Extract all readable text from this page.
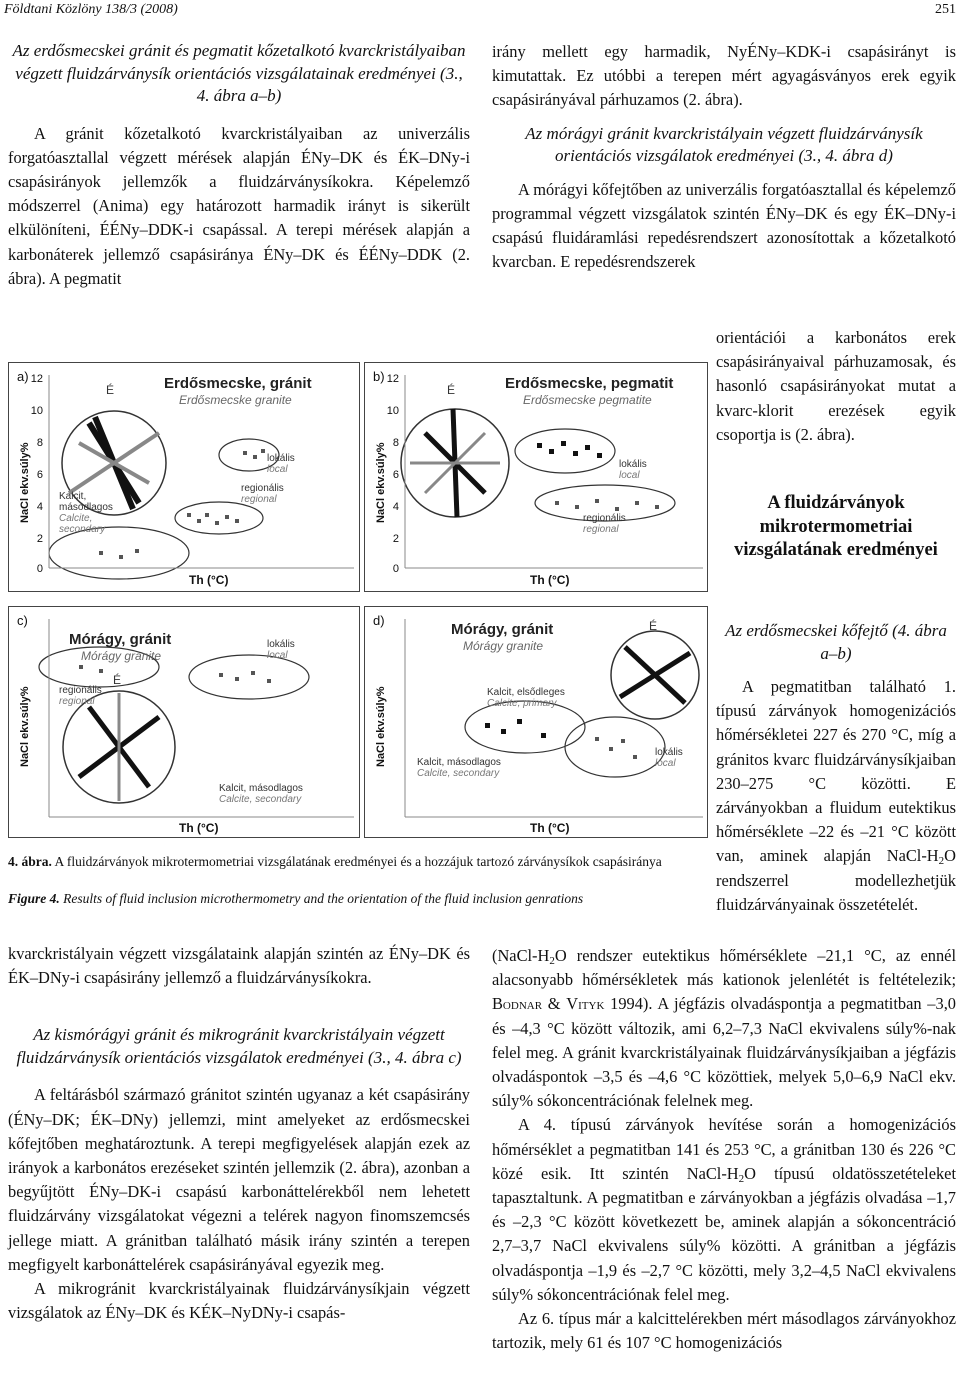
Földtani Közlöny 138/3 (2008)	251

Az erdősmecskei gránit és pegmatit kőzetalkotó kvarckristályaiban végzett fluidzárványsík orientációs vizsgálatainak eredményei (3., 4. ábra a–b)

A gránit kőzetalkotó kvarckristályaiban az univerzális forgatóasztallal végzett mérések alapján ÉNy–DK és ÉK–DNy-i csapásirányok jellemzők a fluidzárványsíkokra. Képelemző módszerrel (Anima) egy határozott harmadik irányt is sikerült elkülöníteni, ÉÉNy–DDK-i csapással. A terepi mérések alapján a karbonáterek jellemző csapásiránya ÉNy–DK és ÉÉNy–DDK (2. ábra). A pegmatit

irány mellett egy harmadik, NyÉNy–KDK-i csapásirányt is kimutattak. Ez utóbbi a terepen mért agyagásványos erek egyik csapásirányával párhuzamos (2. ábra).

Az mórágyi gránit kvarckristályain végzett fluidzárványsík orientációs vizsgálatok eredményei (3., 4. ábra d)

A mórágyi kőfejtőben az univerzális forgatóasztallal és képelemző programmal végzett vizsgálatok szintén ÉNy–DK és egy ÉK–DNy-i csapású fluidáramlási repedésrendszert azonosítottak a kőzetalkotó kvarcban. E repedésrendszerek

orientációi a karbonátos erek csapásirányaival párhuzamosak, és hasonló csapásirányokat mutat a kvarc-klorit erezések egyik csoportja is (2. ábra).

A fluidzárványok mikrotermometriai vizsgálatának eredményei

Az erdősmecskei kőfejtő (4. ábra a–b)

A pegmatitban található 1. típusú zárványok homogenizációs hőmérsékletei 227 és 270 °C, míg a gránitos kvarc fluidzárványsíkjaiban 230–275 °C közötti. E zárványokban a fluidum eutektikus hőmérséklete –22 és –21 °C között van, aminek alapján NaCl-$H_2O$ rendszerrel modellezhetjük fluidzárványainak összetételét.

a)	Erdősmecske, gránit
Erdősmecske granite
É
NaCl ekv.súly%
Th (°C)
12
10
8
6
4
2
0
lokális
local
regionális
regional
Kalcit, másodlagos
Calcite, secondary
b)	Erdősmecske, pegmatit
Erdősmecske pegmatite
É
NaCl ekv.súly%
Th (°C)
12
10
8
6
4
2
0
lokális
local
regionális
regional
c)
Mórágy, gránit
Mórágy granite
É
NaCl ekv.súly%
Th (°C)
lokális
local
regionális
regional
Kalcit, másodlagos
Calcite, secondary
d)
Mórágy, gránit
Mórágy granite
É
NaCl ekv.súly%
Th (°C)
Kalcit, elsődleges
Calcite, primary
Kalcit, másodlagos
Calcite, secondary
lokális
local
4. ábra. A fluidzárványok mikrotermometriai vizsgálatának eredményei és a hozzájuk tartozó zárványsíkok csapásiránya
Figure 4. Results of fluid inclusion microthermometry and the orientation of the fluid inclusion genrations

kvarckristályain végzett vizsgálataink alapján szintén az ÉNy–DK és ÉK–DNy-i csapásirány jellemző a fluidzárványsíkokra.

Az kismórágyi gránit és mikrogránit kvarckristályain végzett fluidzárványsík orientációs vizsgálatok eredményei (3., 4. ábra c)

A feltárásból származó gránitot szintén ugyanaz a két csapásirány (ÉNy–DK; ÉK–DNy) jellemzi, mint amelyeket az erdősmecskei kőfejtőben meghatároztunk. A terepi megfigyelések alapján ezek az irányok a karbonátos erezéseket szintén jellemzik (2. ábra), azonban a begyűjtött ÉNy–DK-i csapású karbonáttelérekből nem lehetett fluidzárvány vizsgálatokat végezni a telérek nagyon finomszemcsés jellege miatt. A gránitban található másik irány szintén a terepen megfigyelt karbonáttelérek csapásirányával egyezik meg.

A mikrogránit kvarckristályainak fluidzárványsíkjain végzett vizsgálatok az ÉNy–DK és KÉK–NyDNy-i csapás-

($NaCl-H_2O$ rendszer eutektikus hőmérséklete –21,1 °C, az ennél alacsonyabb hőmérsékletek más kationok jelenlétét is feltételezik; Bodnar & Vityk 1994). A jégfázis olvadáspontja a pegmatitban –3,0 és –4,3 °C között változik, ami 6,2–7,3 NaCl ekvivalens súly%-nak felel meg. A gránit kvarckristályainak fluidzárványsíkjaiban a jégfázis olvadáspontok –3,5 és –4,6 °C közöttiek, melyek 5,0–6,9 NaCl ekv. súly% sókoncentrációnak felelnek meg.

A 4. típusú zárványok hevítése során a homogenizációs hőmérséklet a pegmatitban 141 és 253 °C, a gránitban 130 és 226 °C közé esik. Itt szintén NaCl-$H_2O$ típusú oldatösszetételeket tapasztaltunk. A pegmatitban e zárványokban a jégfázis olvadása –1,7 és –2,3 °C között következett be, aminek alapján a sókoncentráció 2,7–3,7 NaCl ekvivalens súly% közötti. A gránitban a jégfázis olvadáspontja –1,9 és –2,7 °C közötti, mely 3,2–4,5 NaCl ekvivalens súly% sókoncentrációnak felel meg.

Az 6. típus már a kalcittelérekben mért másodlagos zárványokhoz tartozik, mely 61 és 107 °C homogenizációs
